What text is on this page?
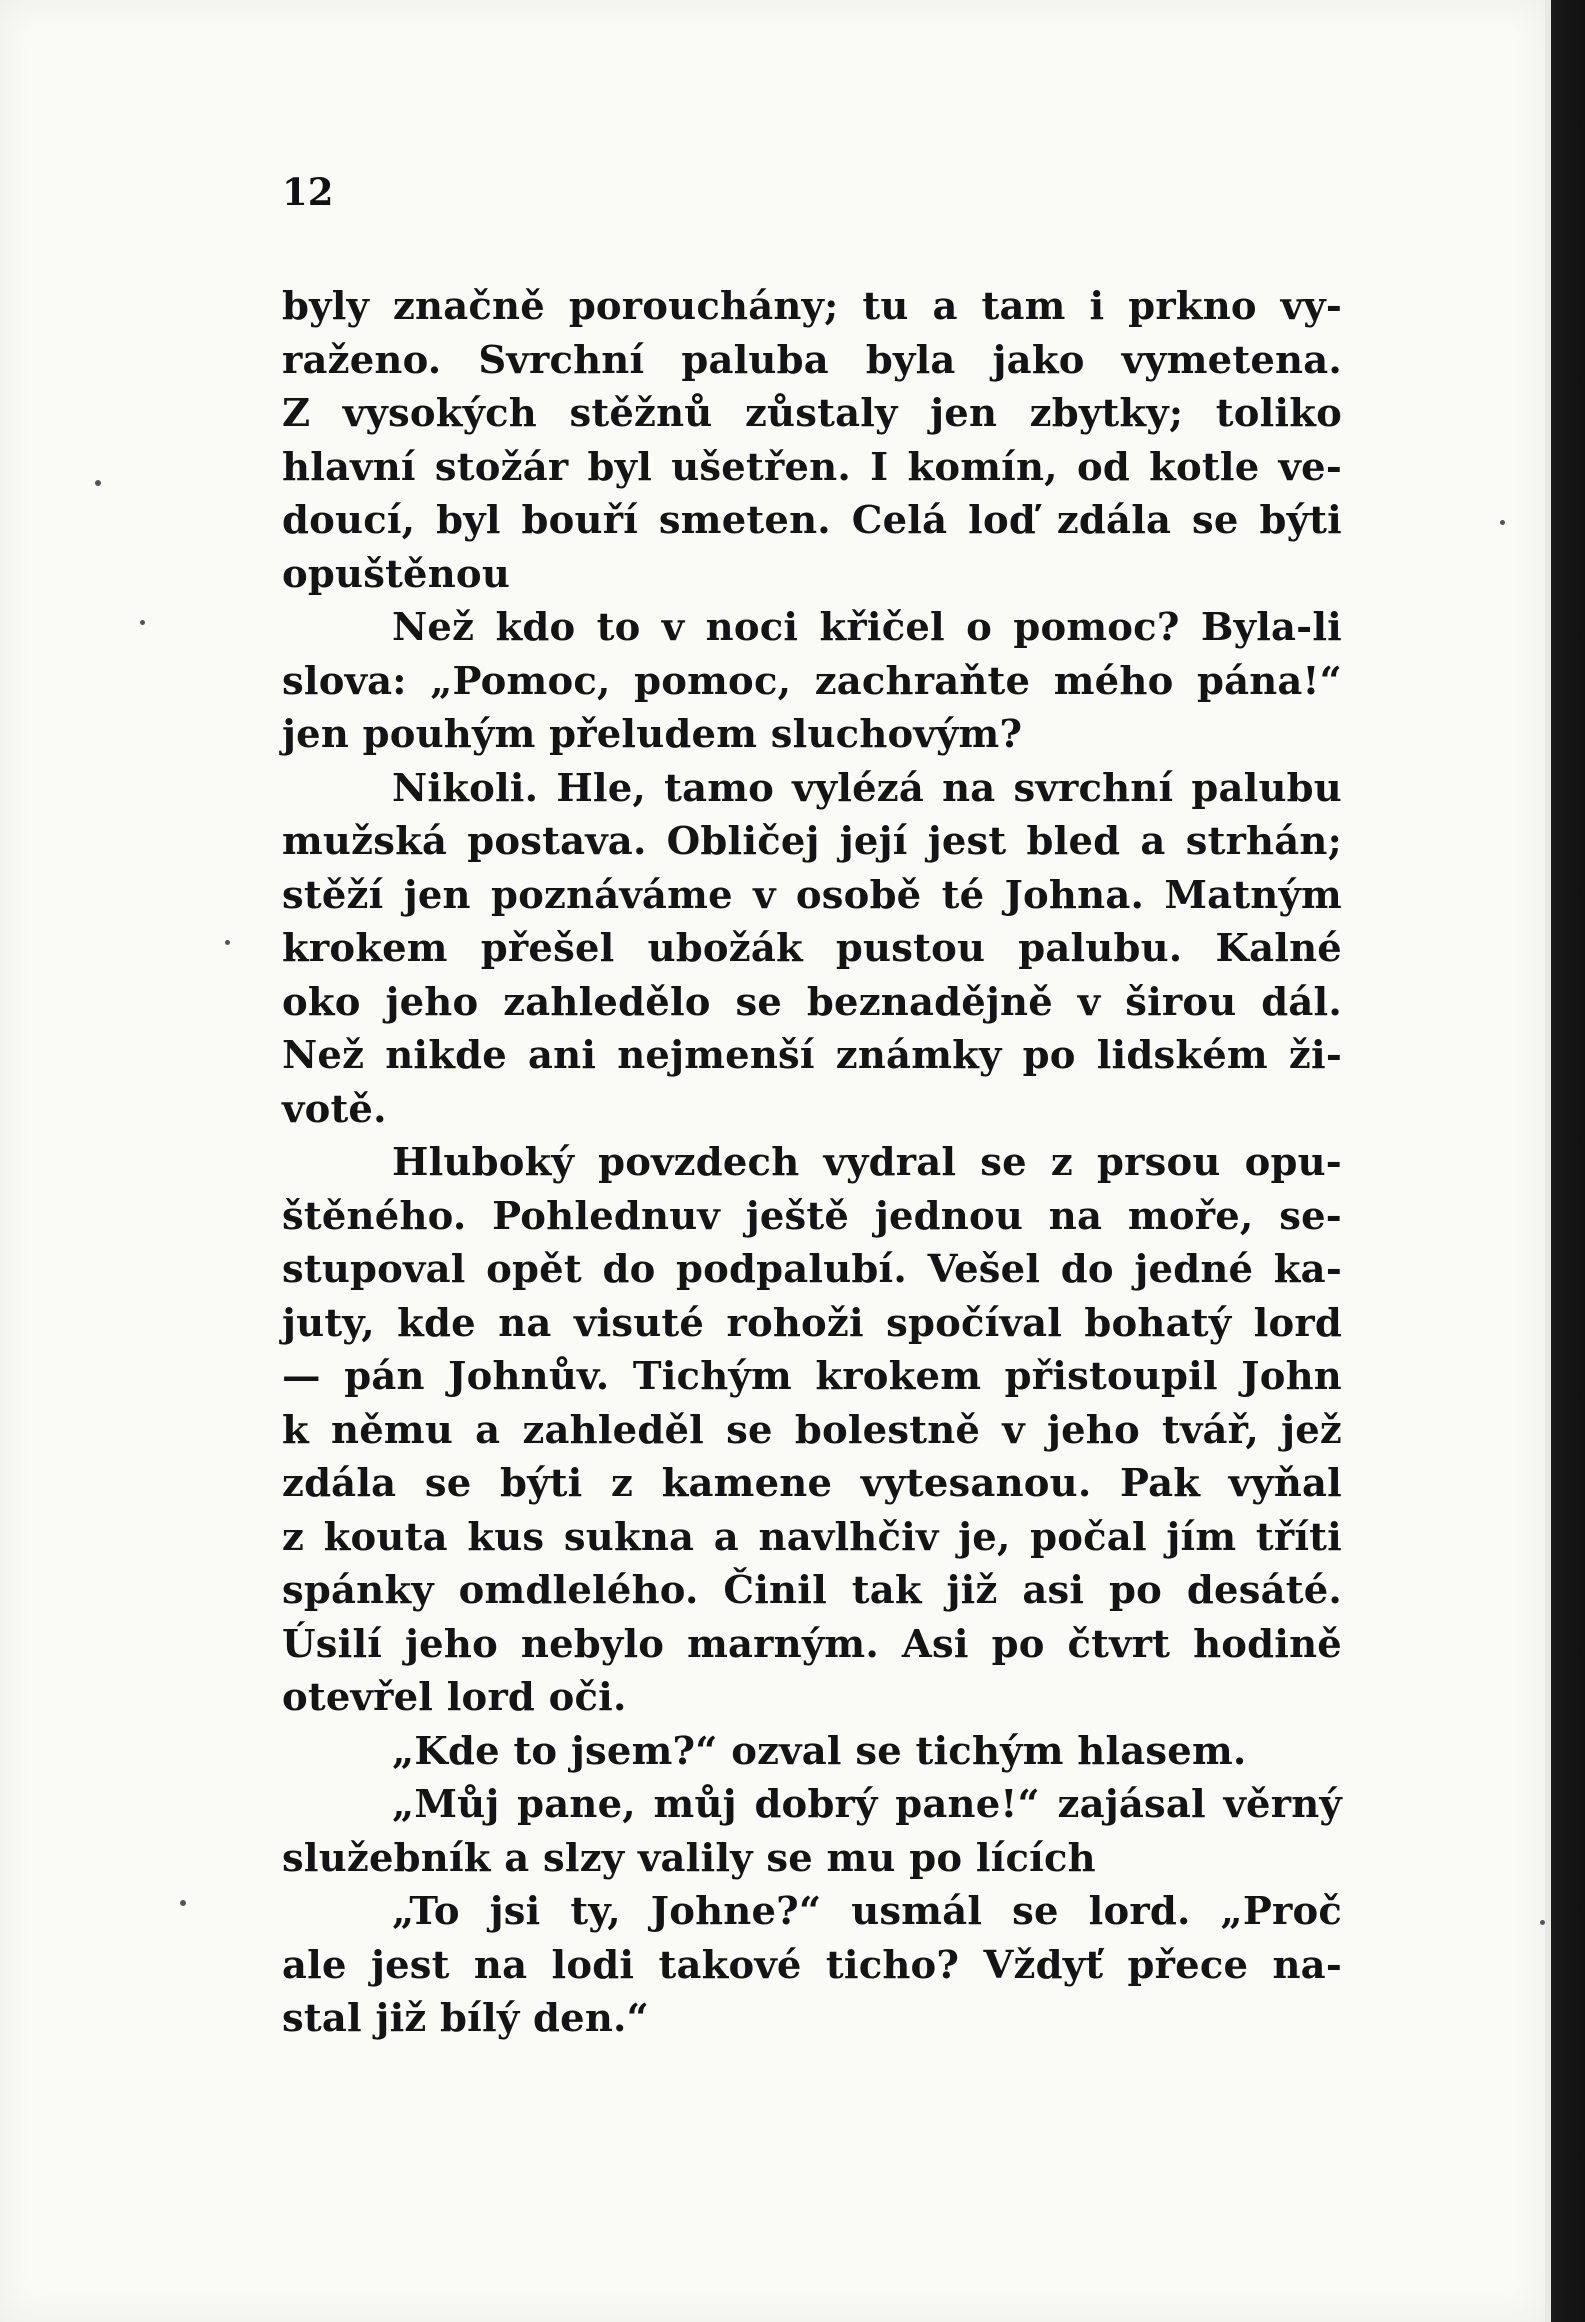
12

byly značně porouchány; tu a tam i prkno vy-
raženo. Svrchní paluba byla jako vymetena.
Z vysokých stěžnů zůstaly jen zbytky; toliko
hlavní stožár byl ušetřen. I komín, od kotle ve-
doucí, byl bouří smeten. Celá loď zdála se býti
opuštěnou
Než kdo to v noci křičel o pomoc? Byla-li
slova: „Pomoc, pomoc, zachraňte mého pána!“
jen pouhým přeludem sluchovým?
Nikoli. Hle, tamo vylézá na svrchní palubu
mužská postava. Obličej její jest bled a strhán;
stěží jen poznáváme v osobě té Johna. Matným
krokem přešel ubožák pustou palubu. Kalné
oko jeho zahledělo se beznadějně v širou dál.
Než nikde ani nejmenší známky po lidském ži-
votě.
Hluboký povzdech vydral se z prsou opu-
štěného. Pohlednuv ještě jednou na moře, se-
stupoval opět do podpalubí. Vešel do jedné ka-
juty, kde na visuté rohoži spočíval bohatý lord
— pán Johnův. Tichým krokem přistoupil John
k němu a zahleděl se bolestně v jeho tvář, jež
zdála se býti z kamene vytesanou. Pak vyňal
z kouta kus sukna a navlhčiv je, počal jím tříti
spánky omdlelého. Činil tak již asi po desáté.
Úsilí jeho nebylo marným. Asi po čtvrt hodině
otevřel lord oči.
„Kde to jsem?“ ozval se tichým hlasem.
„Můj pane, můj dobrý pane!“ zajásal věrný
služebník a slzy valily se mu po lících
„To jsi ty, Johne?“ usmál se lord. „Proč
ale jest na lodi takové ticho? Vždyť přece na-
stal již bílý den.“
